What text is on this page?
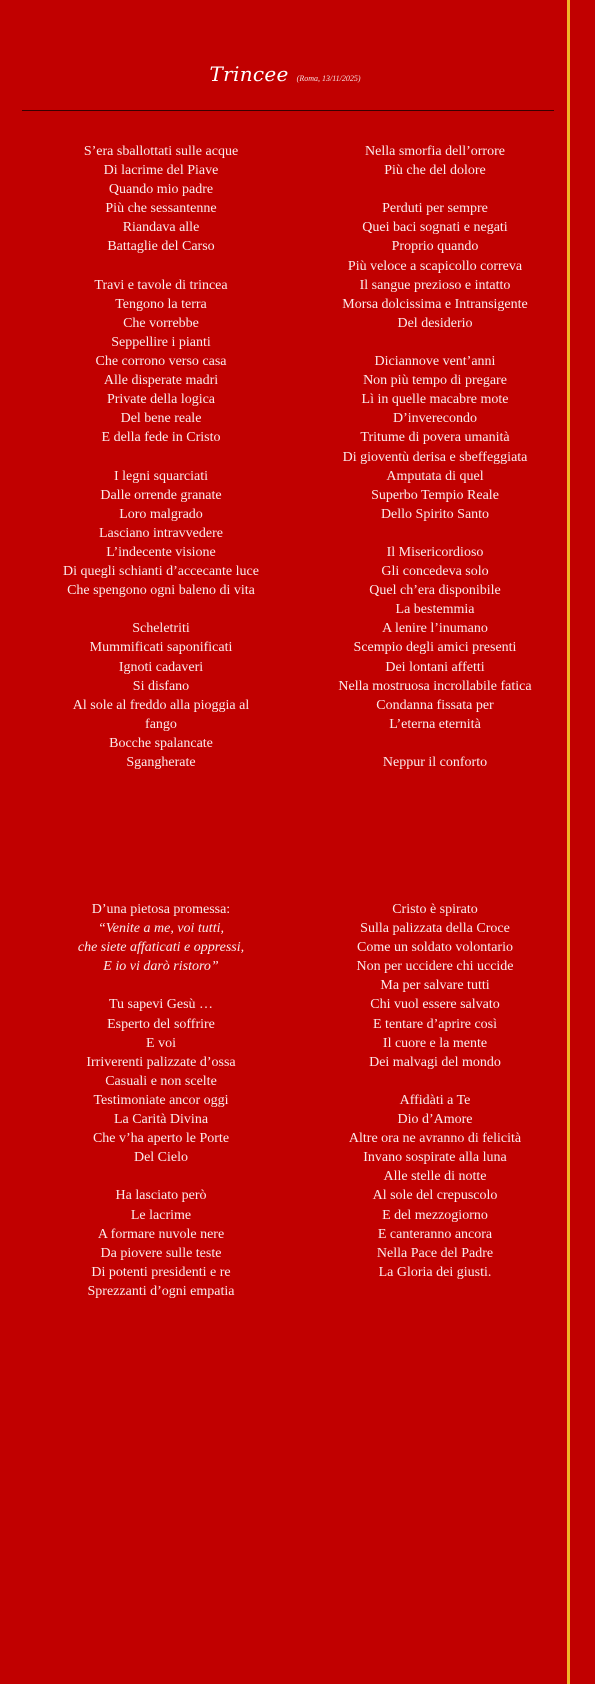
Trincee (Roma, 13/11/2025)
S’era sballottati sulle acque
Di lacrime del Piave
Quando mio padre
Più che sessantenne
Riandava alle
Battaglie del Carso
Travi e tavole di trincea
Tengono la terra
Che vorrebbe
Seppellire i pianti
Che corrono verso casa
Alle disperate madri
Private della logica
Del bene reale
E della fede in Cristo
I legni squarciati
Dalle orrende granate
Loro malgrado
Lasciano intravvedere
L’indecente visione
Di quegli schianti d’accecante luce
Che spengono ogni baleno di vita
Scheletriti
Mummificati saponificati
Ignoti cadaveri
Si disfano
Al sole al freddo alla pioggia al
fango
Bocche spalancate
Sgangherate
Nella smorfia dell’orrore
Più che del dolore
Perduti per sempre
Quei baci sognati e negati
Proprio quando
Più veloce a scapicollo correva
Il sangue prezioso e intatto
Morsa dolcissima e Intransigente
Del desiderio
Diciannove vent’anni
Non più tempo di pregare
Lì in quelle macabre mote
D’inverecondo
Tritume di povera umanità
Di gioventù derisa e sbeffeggiata
Amputata di quel
Superbo Tempio Reale
Dello Spirito Santo
Il Misericordioso
Gli concedeva solo
Quel ch’era disponibile
La bestemmia
A lenire l’inumano
Scempio degli amici presenti
Dei lontani affetti
Nella mostruosa incrollabile fatica
Condanna fissata per
L’eterna eternità
Neppur il conforto
D’una pietosa promessa:
“Venite a me, voi tutti,
che siete affaticati e oppressi,
E io vi darò ristoro”
Tu sapevi Gesù …
Esperto del soffrire
E voi
Irriverenti palizzate d’ossa
Casuali e non scelte
Testimoniate ancor oggi
La Carità Divina
Che v’ha aperto le Porte
Del Cielo
Ha lasciato però
Le lacrime
A formare nuvole nere
Da piovere sulle teste
Di potenti presidenti e re
Sprezzanti d’ogni empatia
Cristo è spirato
Sulla palizzata della Croce
Come un soldato volontario
Non per uccidere chi uccide
Ma per salvare tutti
Chi vuol essere salvato
E tentare d’aprire così
Il cuore e la mente
Dei malvagi del mondo
Affidàti a Te
Dio d’Amore
Altre ora ne avranno di felicità
Invano sospirate alla luna
Alle stelle di notte
Al sole del crepuscolo
E del mezzogiorno
E canteranno ancora
Nella Pace del Padre
La Gloria dei giusti.
